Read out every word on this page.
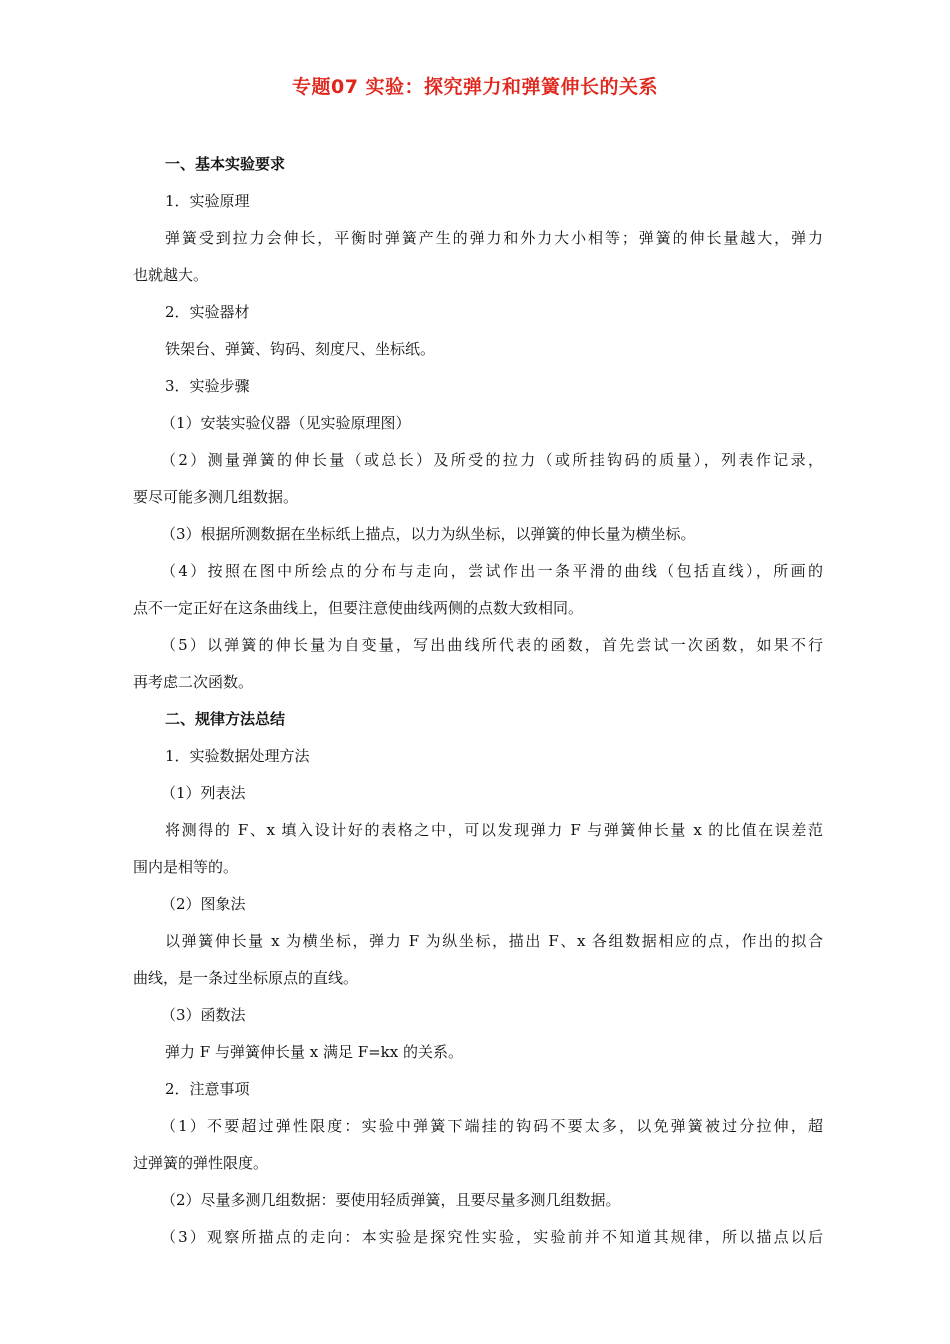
专题07 实验：探究弹力和弹簧伸长的关系
一、基本实验要求
1．实验原理
弹簧受到拉力会伸长，平衡时弹簧产生的弹力和外力大小相等；弹簧的伸长量越大，弹力
也就越大。
2．实验器材
铁架台、弹簧、钩码、刻度尺、坐标纸。
3．实验步骤
（1）安装实验仪器（见实验原理图）
（2）测量弹簧的伸长量（或总长）及所受的拉力（或所挂钩码的质量），列表作记录，
要尽可能多测几组数据。
（3）根据所测数据在坐标纸上描点，以力为纵坐标，以弹簧的伸长量为横坐标。
（4）按照在图中所绘点的分布与走向，尝试作出一条平滑的曲线（包括直线），所画的
点不一定正好在这条曲线上，但要注意使曲线两侧的点数大致相同。
（5）以弹簧的伸长量为自变量，写出曲线所代表的函数，首先尝试一次函数，如果不行
再考虑二次函数。
二、规律方法总结
1．实验数据处理方法
（1）列表法
将测得的 F、x 填入设计好的表格之中，可以发现弹力 F 与弹簧伸长量 x 的比值在误差范
围内是相等的。
（2）图象法
以弹簧伸长量 x 为横坐标，弹力 F 为纵坐标，描出 F、x 各组数据相应的点，作出的拟合
曲线，是一条过坐标原点的直线。
（3）函数法
弹力 F 与弹簧伸长量 x 满足 F=kx 的关系。
2．注意事项
（1）不要超过弹性限度：实验中弹簧下端挂的钩码不要太多，以免弹簧被过分拉伸，超
过弹簧的弹性限度。
（2）尽量多测几组数据：要使用轻质弹簧，且要尽量多测几组数据。
（3）观察所描点的走向：本实验是探究性实验，实验前并不知道其规律，所以描点以后
